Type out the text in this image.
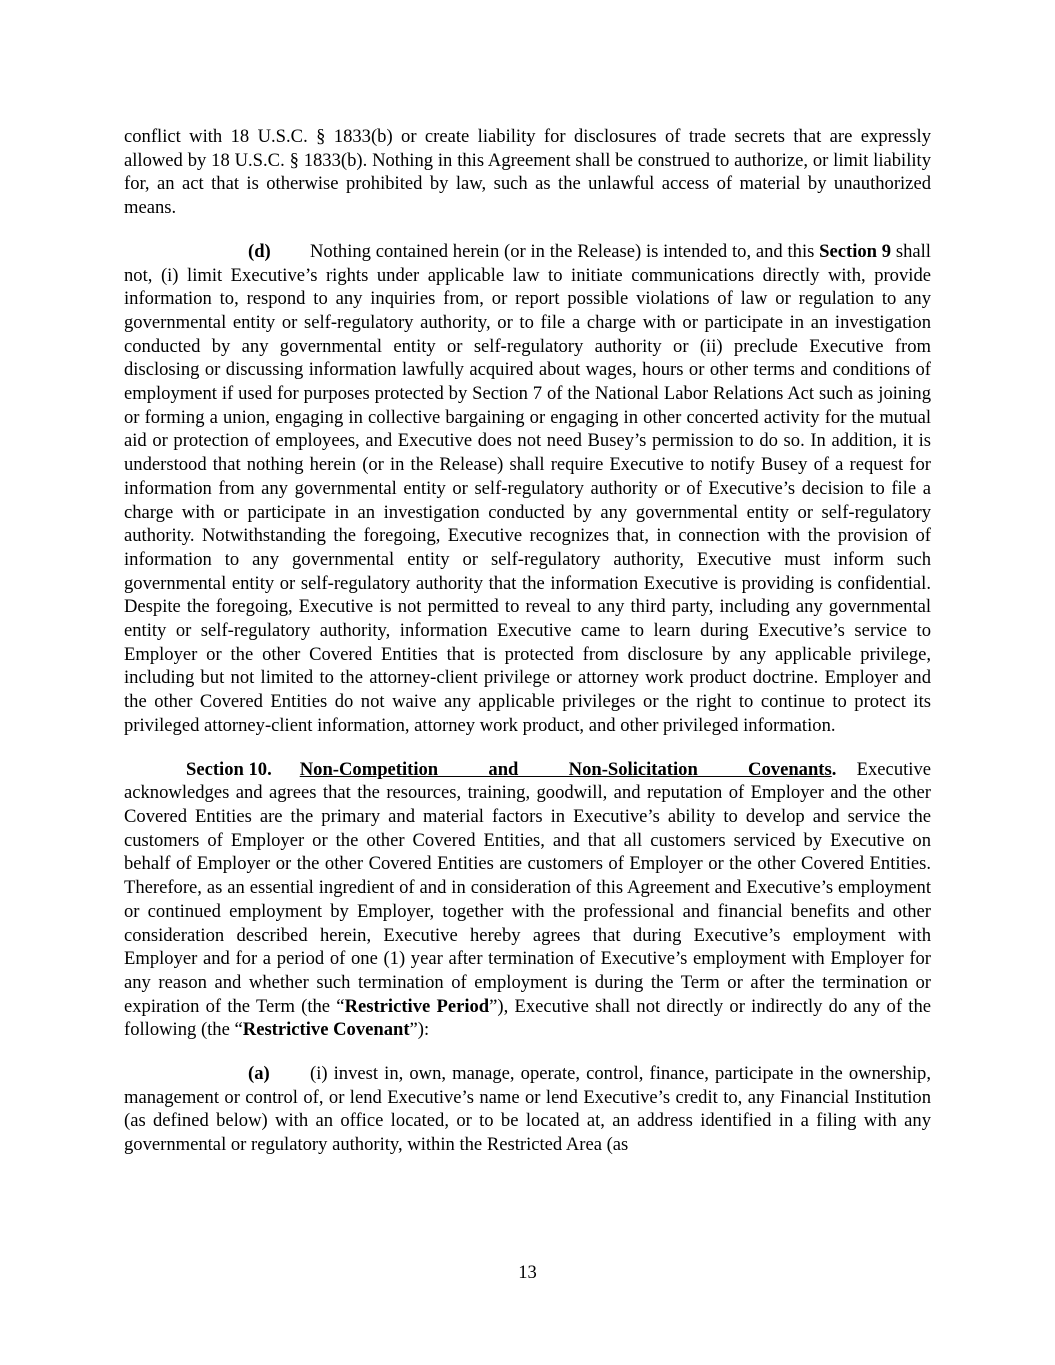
conflict with 18 U.S.C. § 1833(b) or create liability for disclosures of trade secrets that are expressly allowed by 18 U.S.C. § 1833(b). Nothing in this Agreement shall be construed to authorize, or limit liability for, an act that is otherwise prohibited by law, such as the unlawful access of material by unauthorized means.

(d) Nothing contained herein (or in the Release) is intended to, and this Section 9 shall not, (i) limit Executive’s rights under applicable law to initiate communications directly with, provide information to, respond to any inquiries from, or report possible violations of law or regulation to any governmental entity or self-regulatory authority, or to file a charge with or participate in an investigation conducted by any governmental entity or self-regulatory authority or (ii) preclude Executive from disclosing or discussing information lawfully acquired about wages, hours or other terms and conditions of employment if used for purposes protected by Section 7 of the National Labor Relations Act such as joining or forming a union, engaging in collective bargaining or engaging in other concerted activity for the mutual aid or protection of employees, and Executive does not need Busey’s permission to do so. In addition, it is understood that nothing herein (or in the Release) shall require Executive to notify Busey of a request for information from any governmental entity or self-regulatory authority or of Executive’s decision to file a charge with or participate in an investigation conducted by any governmental entity or self-regulatory authority. Notwithstanding the foregoing, Executive recognizes that, in connection with the provision of information to any governmental entity or self-regulatory authority, Executive must inform such governmental entity or self-regulatory authority that the information Executive is providing is confidential. Despite the foregoing, Executive is not permitted to reveal to any third party, including any governmental entity or self-regulatory authority, information Executive came to learn during Executive’s service to Employer or the other Covered Entities that is protected from disclosure by any applicable privilege, including but not limited to the attorney-client privilege or attorney work product doctrine. Employer and the other Covered Entities do not waive any applicable privileges or the right to continue to protect its privileged attorney-client information, attorney work product, and other privileged information.

Section 10. Non-Competition and Non-Solicitation Covenants. Executive acknowledges and agrees that the resources, training, goodwill, and reputation of Employer and the other Covered Entities are the primary and material factors in Executive’s ability to develop and service the customers of Employer or the other Covered Entities, and that all customers serviced by Executive on behalf of Employer or the other Covered Entities are customers of Employer or the other Covered Entities. Therefore, as an essential ingredient of and in consideration of this Agreement and Executive’s employment or continued employment by Employer, together with the professional and financial benefits and other consideration described herein, Executive hereby agrees that during Executive’s employment with Employer and for a period of one (1) year after termination of Executive’s employment with Employer for any reason and whether such termination of employment is during the Term or after the termination or expiration of the Term (the “Restrictive Period”), Executive shall not directly or indirectly do any of the following (the “Restrictive Covenant”):

(a) (i) invest in, own, manage, operate, control, finance, participate in the ownership, management or control of, or lend Executive’s name or lend Executive’s credit to, any Financial Institution (as defined below) with an office located, or to be located at, an address identified in a filing with any governmental or regulatory authority, within the Restricted Area (as

13
